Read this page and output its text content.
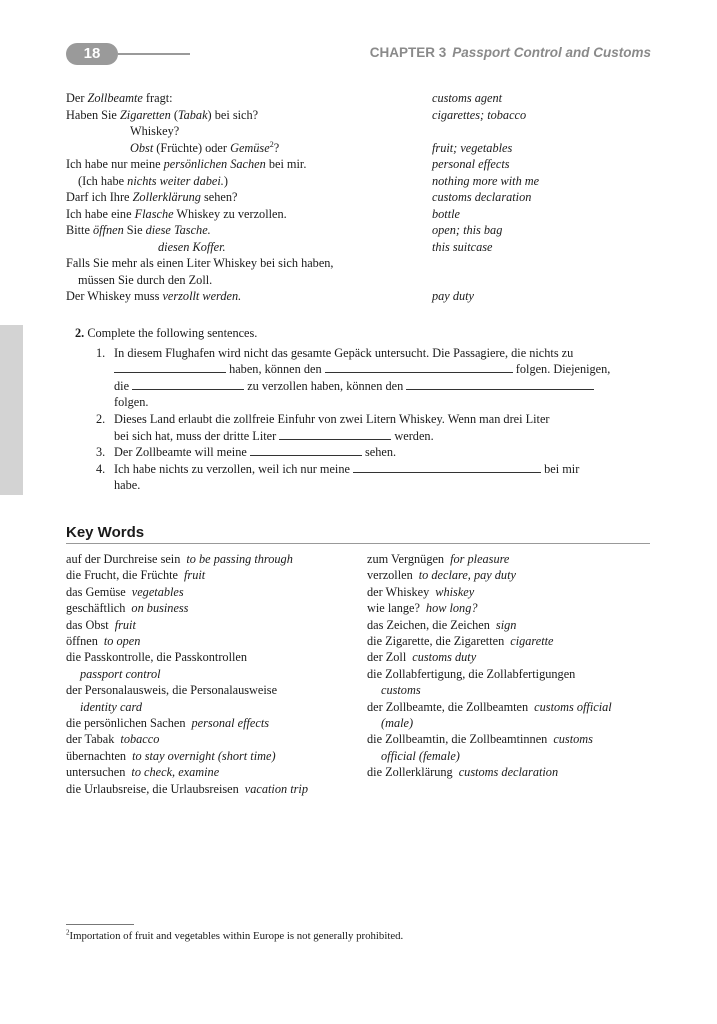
18	CHAPTER 3 Passport Control and Customs
Der Zollbeamte fragt:	customs agent
Haben Sie Zigaretten (Tabak) bei sich?	cigarettes; tobacco
Whiskey?
Obst (Früchte) oder Gemüse$^2$?	fruit; vegetables
Ich habe nur meine persönlichen Sachen bei mir.	personal effects
(Ich habe nichts weiter dabei.)	nothing more with me
Darf ich Ihre Zollerklärung sehen?	customs declaration
Ich habe eine Flasche Whiskey zu verzollen.	bottle
Bitte öffnen Sie diese Tasche.	open; this bag
diesen Koffer.	this suitcase
Falls Sie mehr als einen Liter Whiskey bei sich haben,
müssen Sie durch den Zoll.
Der Whiskey muss verzollt werden.	pay duty
2. Complete the following sentences.
1. In diesem Flughafen wird nicht das gesamte Gepäck untersucht. Die Passagiere, die nichts zu
haben, können den	folgen. Diejenigen,
die	zu verzollen haben, können den
folgen.
2. Dieses Land erlaubt die zollfreie Einfuhr von zwei Litern Whiskey. Wenn man drei Liter
bei sich hat, muss der dritte Liter	werden.
3. Der Zollbeamte will meine	sehen.
4. Ich habe nichts zu verzollen, weil ich nur meine	bei mir
habe.
Key Words
auf der Durchreise sein to be passing through
die Frucht, die Früchte fruit
das Gemüse vegetables
geschäftlich on business
das Obst fruit
öffnen to open
die Passkontrolle, die Passkontrollen
passport control
der Personalausweis, die Personalausweise
identity card
die persönlichen Sachen personal effects
der Tabak tobacco
übernachten to stay overnight (short time)
untersuchen to check, examine
die Urlaubsreise, die Urlaubsreisen vacation trip
zum Vergnügen for pleasure
verzollen to declare, pay duty
der Whiskey whiskey
wie lange? how long?
das Zeichen, die Zeichen sign
die Zigarette, die Zigaretten cigarette
der Zoll customs duty
die Zollabfertigung, die Zollabfertigungen
customs
der Zollbeamte, die Zollbeamten customs official
(male)
die Zollbeamtin, die Zollbeamtinnen customs
official (female)
die Zollerklärung customs declaration
$^2$Importation of fruit and vegetables within Europe is not generally prohibited.
